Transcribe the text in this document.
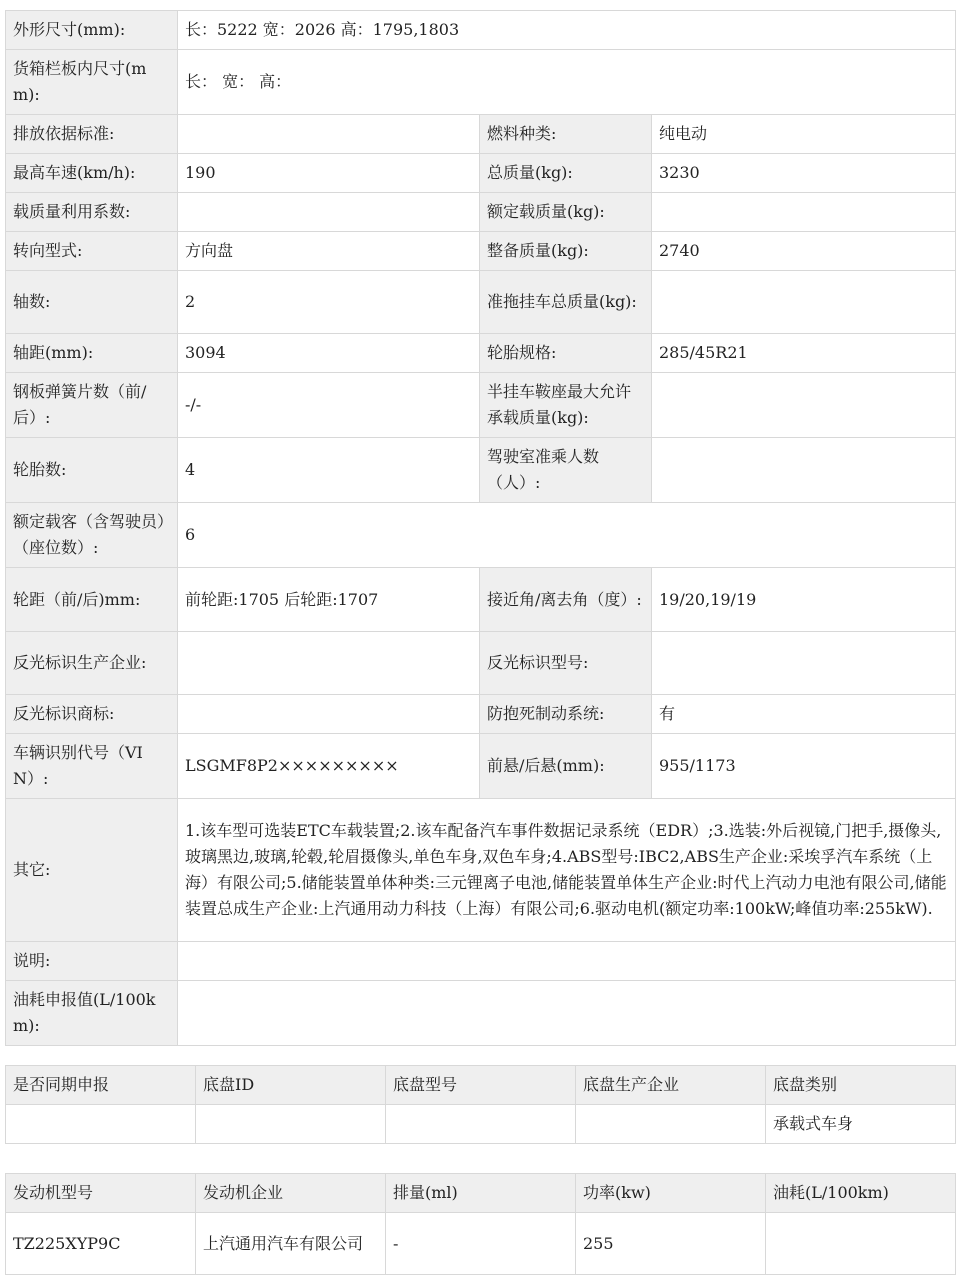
外形尺寸(mm):	长：5222 宽：2026 高：1795,1803		
货箱栏板内尺寸(mm):	长： 宽： 高：		
排放依据标准:		燃料种类:	纯电动
最高车速(km/h):	190	总质量(kg):	3230
载质量利用系数:		额定载质量(kg):	
转向型式:	方向盘	整备质量(kg):	2740
轴数:	2	准拖挂车总质量(kg):	
轴距(mm):	3094	轮胎规格:	285/45R21
钢板弹簧片数（前/后）:	-/-	半挂车鞍座最大允许承载质量(kg):	
轮胎数:	4	驾驶室准乘人数（人）:	
额定载客（含驾驶员）（座位数）:	6		
轮距（前/后)mm:	前轮距:1705 后轮距:1707	接近角/离去角（度）:	19/20,19/19
反光标识生产企业:		反光标识型号:	
反光标识商标:		防抱死制动系统:	有
车辆识别代号（VIN）:	LSGMF8P2×××××××××	前悬/后悬(mm):	955/1173
其它:	1.该车型可选装ETC车载装置;2.该车配备汽车事件数据记录系统（EDR）;3.选装:外后视镜,门把手,摄像头,玻璃黑边,玻璃,轮毂,轮眉摄像头,单色车身,双色车身;4.ABS型号:IBC2,ABS生产企业:采埃孚汽车系统（上海）有限公司;5.储能装置单体种类:三元锂离子电池,储能装置单体生产企业:时代上汽动力电池有限公司,储能装置总成生产企业:上汽通用动力科技（上海）有限公司;6.驱动电机(额定功率:100kW;峰值功率:255kW).		
说明:			
油耗申报值(L/100km):			
是否同期申报	底盘ID	底盘型号	底盘生产企业	底盘类别
				承载式车身
发动机型号	发动机企业	排量(ml)	功率(kw)	油耗(L/100km)
TZ225XYP9C	上汽通用汽车有限公司	-	255	
